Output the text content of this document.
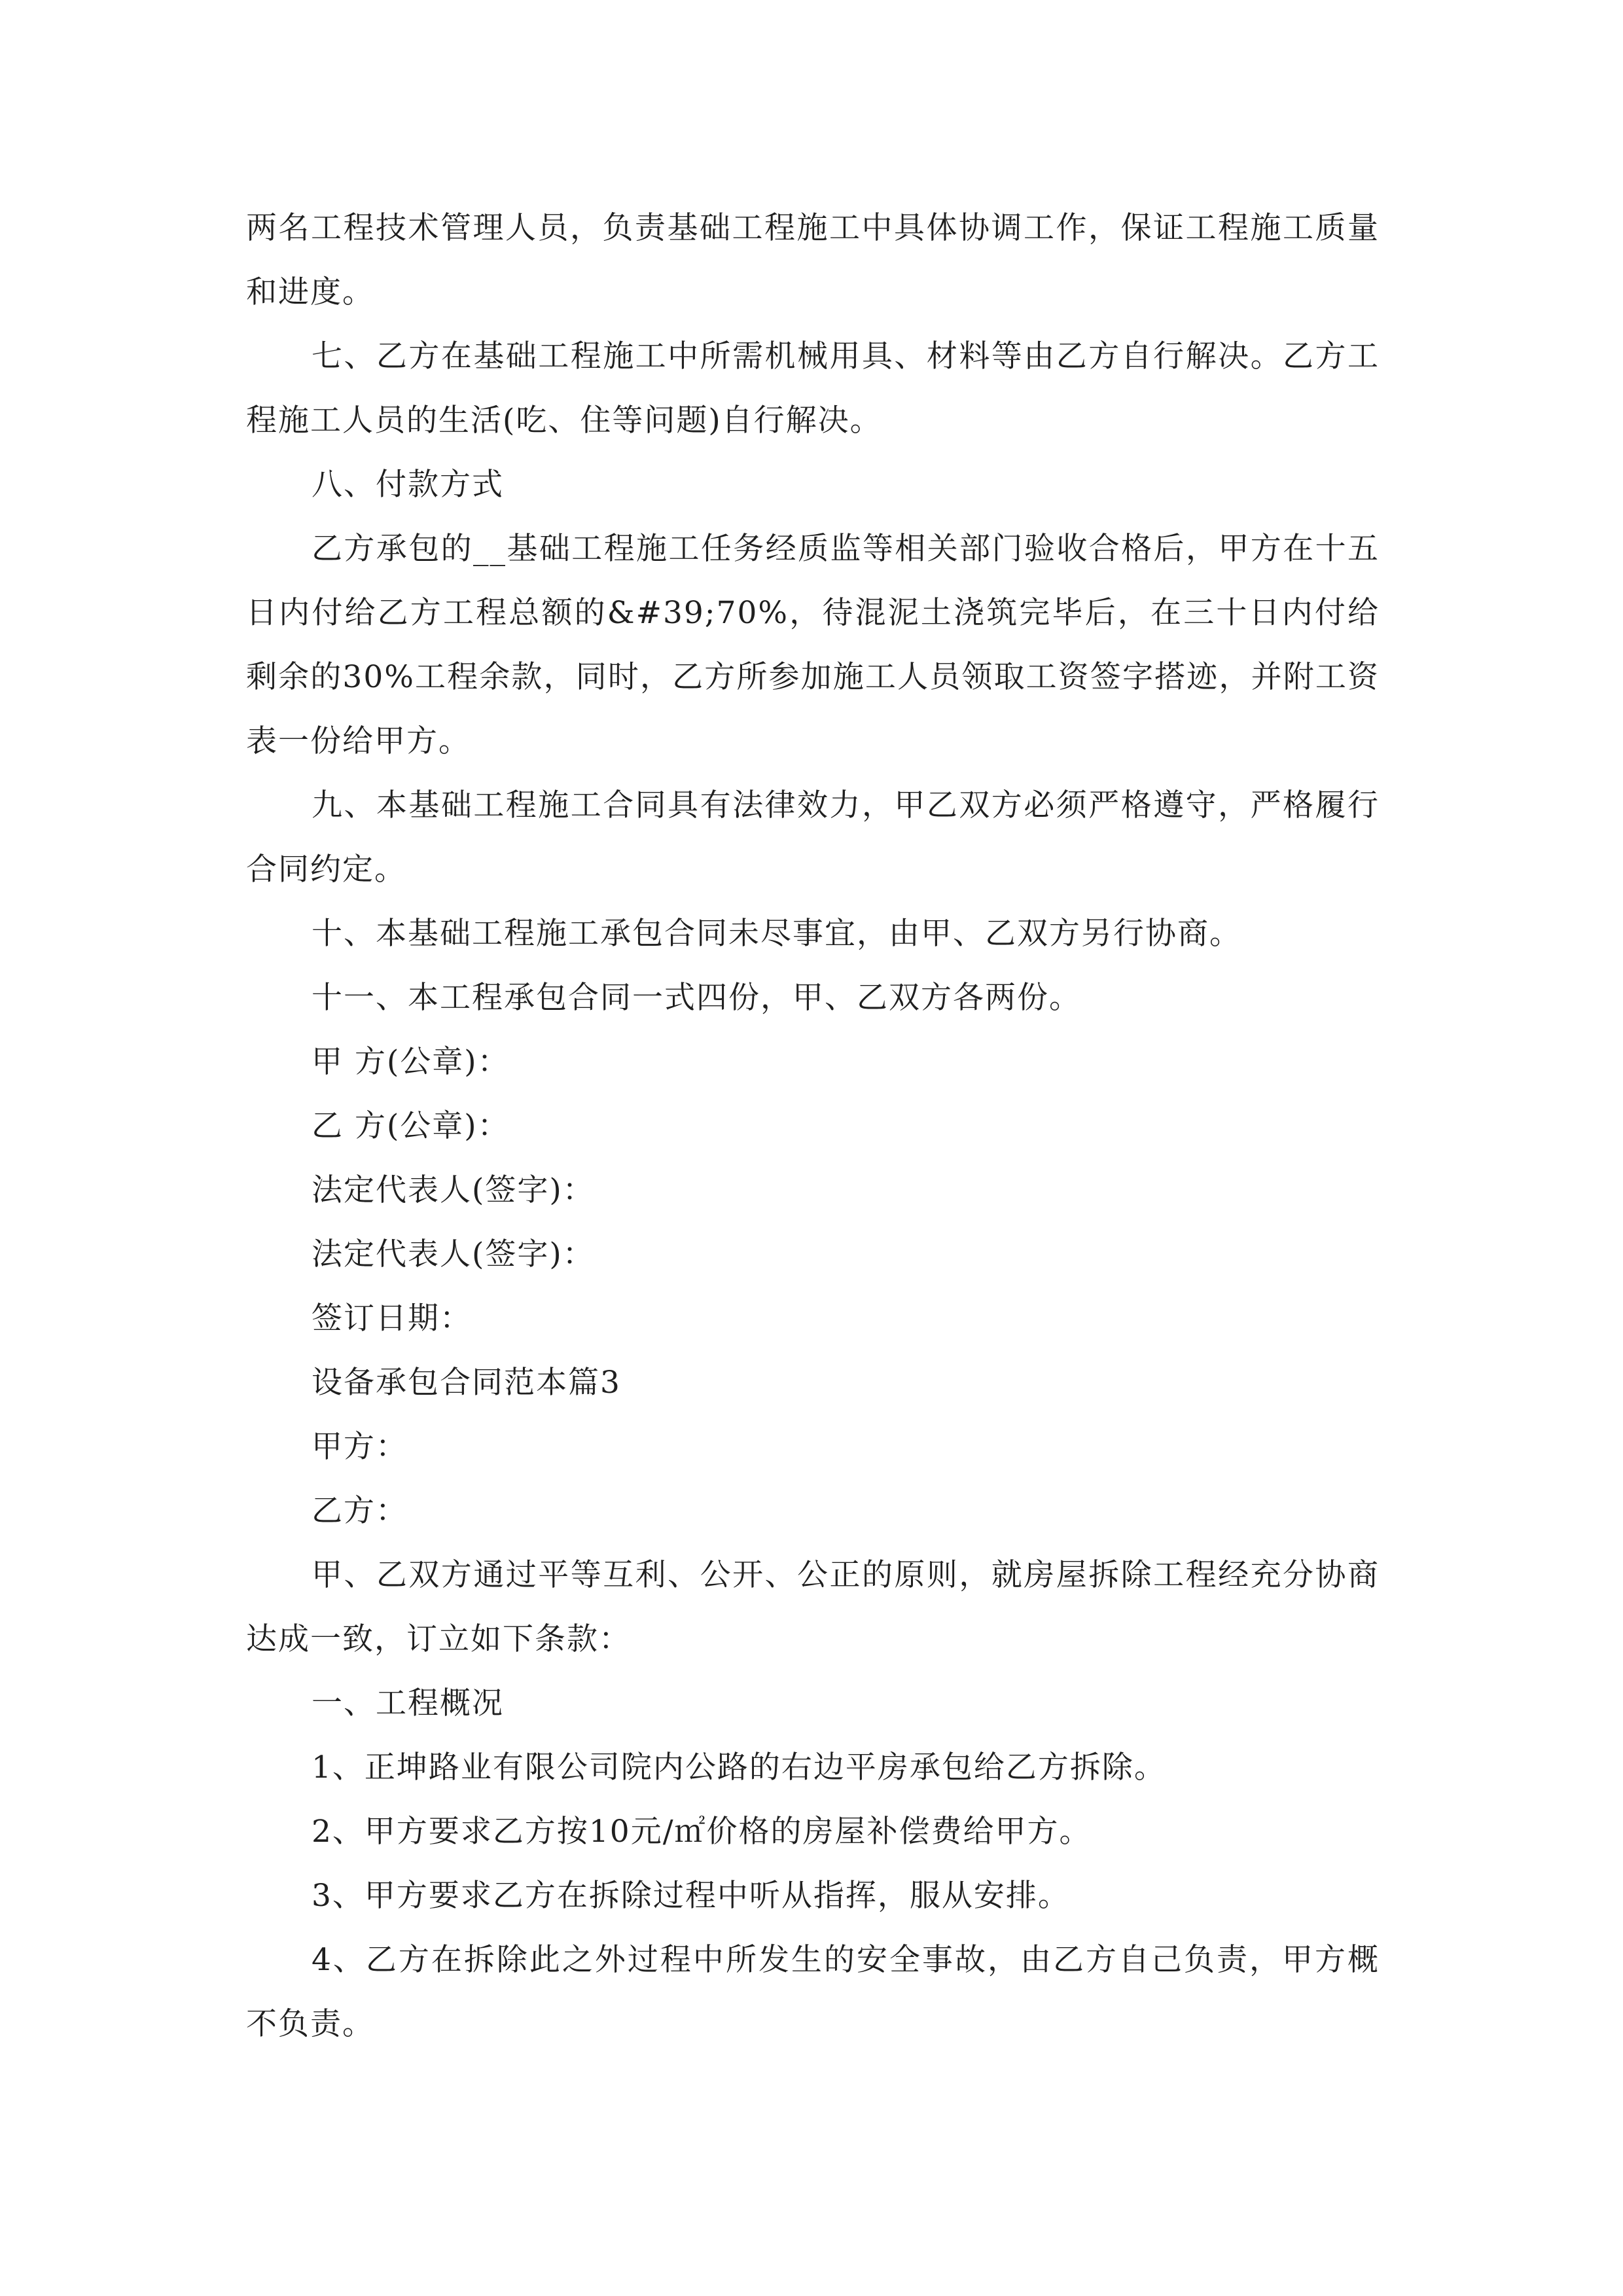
两名工程技术管理人员，负责基础工程施工中具体协调工作，保证工程施工质量和进度。

七、乙方在基础工程施工中所需机械用具、材料等由乙方自行解决。乙方工程施工人员的生活(吃、住等问题)自行解决。

八、付款方式

乙方承包的__基础工程施工任务经质监等相关部门验收合格后，甲方在十五日内付给乙方工程总额的&#39;70%，待混泥土浇筑完毕后，在三十日内付给剩余的30%工程余款，同时，乙方所参加施工人员领取工资签字搭迹，并附工资表一份给甲方。

九、本基础工程施工合同具有法律效力，甲乙双方必须严格遵守，严格履行合同约定。

十、本基础工程施工承包合同未尽事宜，由甲、乙双方另行协商。

十一、本工程承包合同一式四份，甲、乙双方各两份。

甲 方(公章)：

乙 方(公章)：

法定代表人(签字)：

法定代表人(签字)：

签订日期：

设备承包合同范本篇3

甲方：

乙方：

甲、乙双方通过平等互利、公开、公正的原则，就房屋拆除工程经充分协商达成一致，订立如下条款：

一、工程概况

1、正坤路业有限公司院内公路的右边平房承包给乙方拆除。

2、甲方要求乙方按10元/㎡价格的房屋补偿费给甲方。

3、甲方要求乙方在拆除过程中听从指挥，服从安排。

4、乙方在拆除此之外过程中所发生的安全事故，由乙方自己负责，甲方概不负责。
